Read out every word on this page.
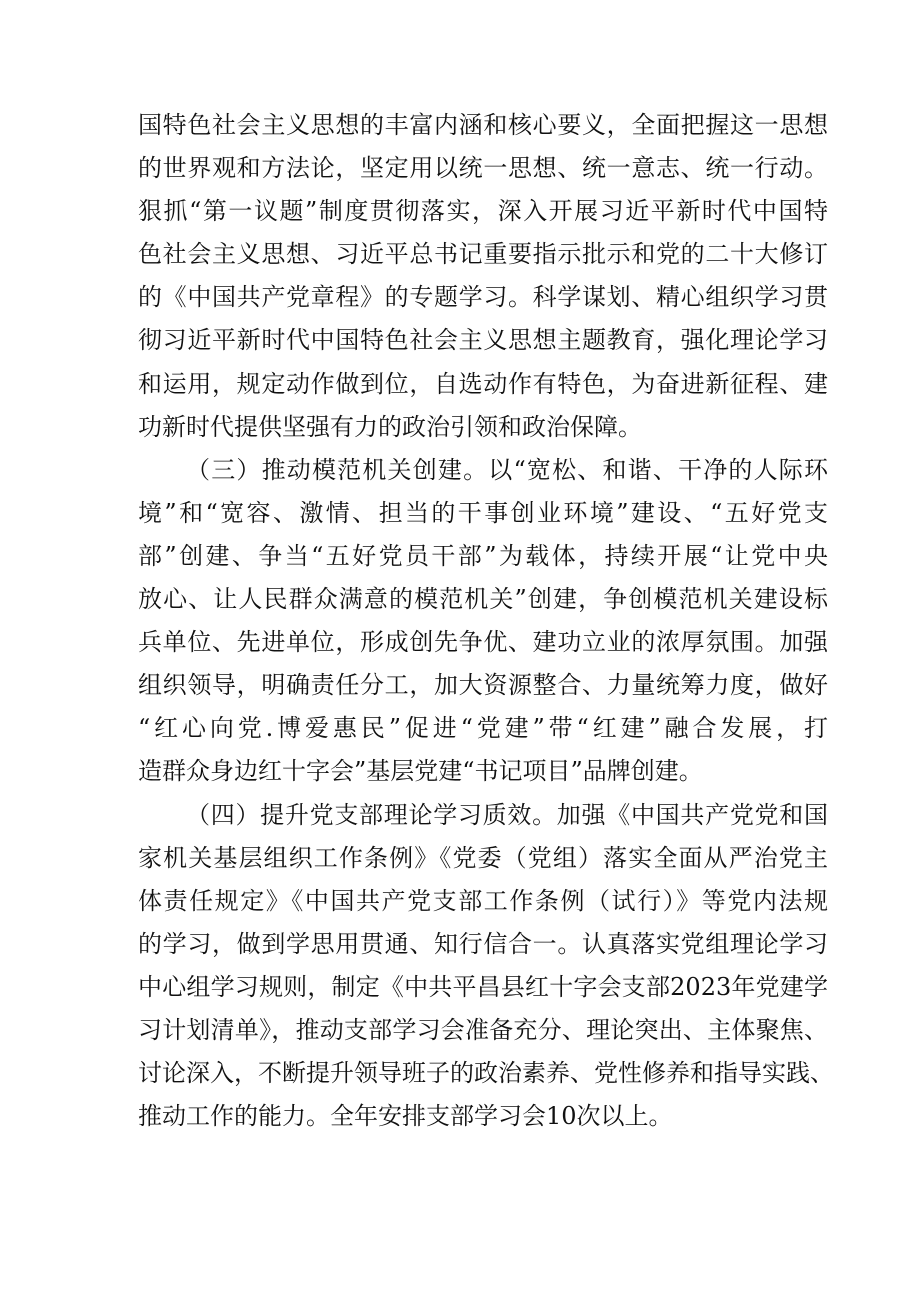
国特色社会主义思想的丰富内涵和核心要义，全面把握这一思想
的世界观和方法论，坚定用以统一思想、统一意志、统一行动。
狠抓“第一议题”制度贯彻落实，深入开展习近平新时代中国特
色社会主义思想、习近平总书记重要指示批示和党的二十大修订
的《中国共产党章程》的专题学习。科学谋划、精心组织学习贯
彻习近平新时代中国特色社会主义思想主题教育，强化理论学习
和运用，规定动作做到位，自选动作有特色，为奋进新征程、建
功新时代提供坚强有力的政治引领和政治保障。
（三）推动模范机关创建。以“宽松、和谐、干净的人际环
境”和“宽容、激情、担当的干事创业环境”建设、“五好党支
部”创建、争当“五好党员干部”为载体，持续开展“让党中央
放心、让人民群众满意的模范机关”创建，争创模范机关建设标
兵单位、先进单位，形成创先争优、建功立业的浓厚氛围。加强
组织领导，明确责任分工，加大资源整合、力量统筹力度，做好
“红心向党.博爱惠民”促进“党建”带“红建”融合发展，打
造群众身边红十字会”基层党建“书记项目”品牌创建。
（四）提升党支部理论学习质效。加强《中国共产党党和国
家机关基层组织工作条例》《党委（党组）落实全面从严治党主
体责任规定》《中国共产党支部工作条例（试行）》等党内法规
的学习，做到学思用贯通、知行信合一。认真落实党组理论学习
中心组学习规则，制定《中共平昌县红十字会支部2023年党建学
习计划清单》，推动支部学习会准备充分、理论突出、主体聚焦、
讨论深入，不断提升领导班子的政治素养、党性修养和指导实践、
推动工作的能力。全年安排支部学习会10次以上。
